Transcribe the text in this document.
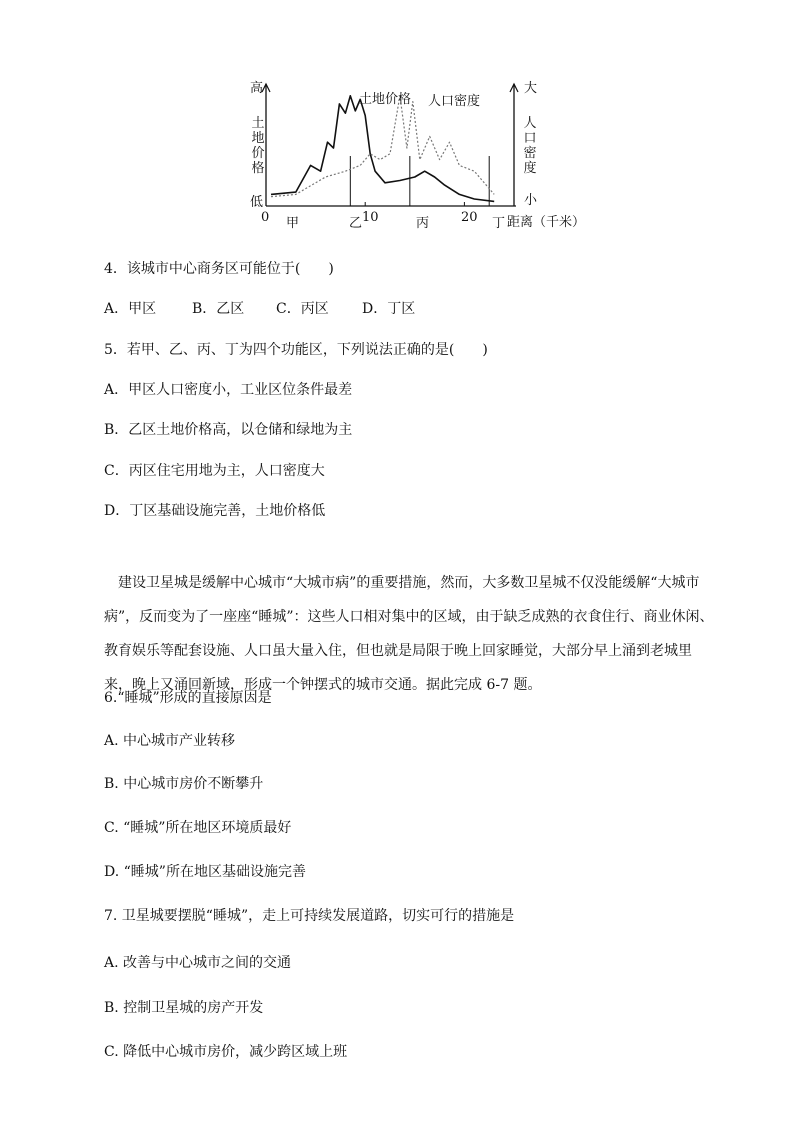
高
土
地
价
格
低
大
人
口
密
度
小
土地价格 人口密度
0	10	20 距离（千米）
甲	乙	丙	丁
4．该城市中心商务区可能位于(　　)
A．甲区	B．乙区 C．丙区 D．丁区
5．若甲、乙、丙、丁为四个功能区，下列说法正确的是(　　)
A．甲区人口密度小，工业区位条件最差
B．乙区土地价格高，以仓储和绿地为主
C．丙区住宅用地为主，人口密度大
D．丁区基础设施完善，土地价格低
建设卫星城是缓解中心城市“大城市病”的重要措施，然而，大多数卫星城不仅没能缓解“大城市病”，反而变为了一座座“睡城”：这些人口相对集中的区域，由于缺乏成熟的衣食住行、商业休闲、教育娱乐等配套设施、人口虽大量入住，但也就是局限于晚上回家睡觉，大部分早上涌到老城里来，晚上又涌回新域，形成一个钟摆式的城市交通。据此完成 6-7 题。
6.“睡城”形成的直接原因是
A. 中心城市产业转移
B. 中心城市房价不断攀升
C. “睡城”所在地区环境质最好
D. “睡城”所在地区基础设施完善
7. 卫星城要摆脱“睡城”，走上可持续发展道路，切实可行的措施是
A. 改善与中心城市之间的交通
B. 控制卫星城的房产开发
C. 降低中心城市房价，减少跨区域上班
